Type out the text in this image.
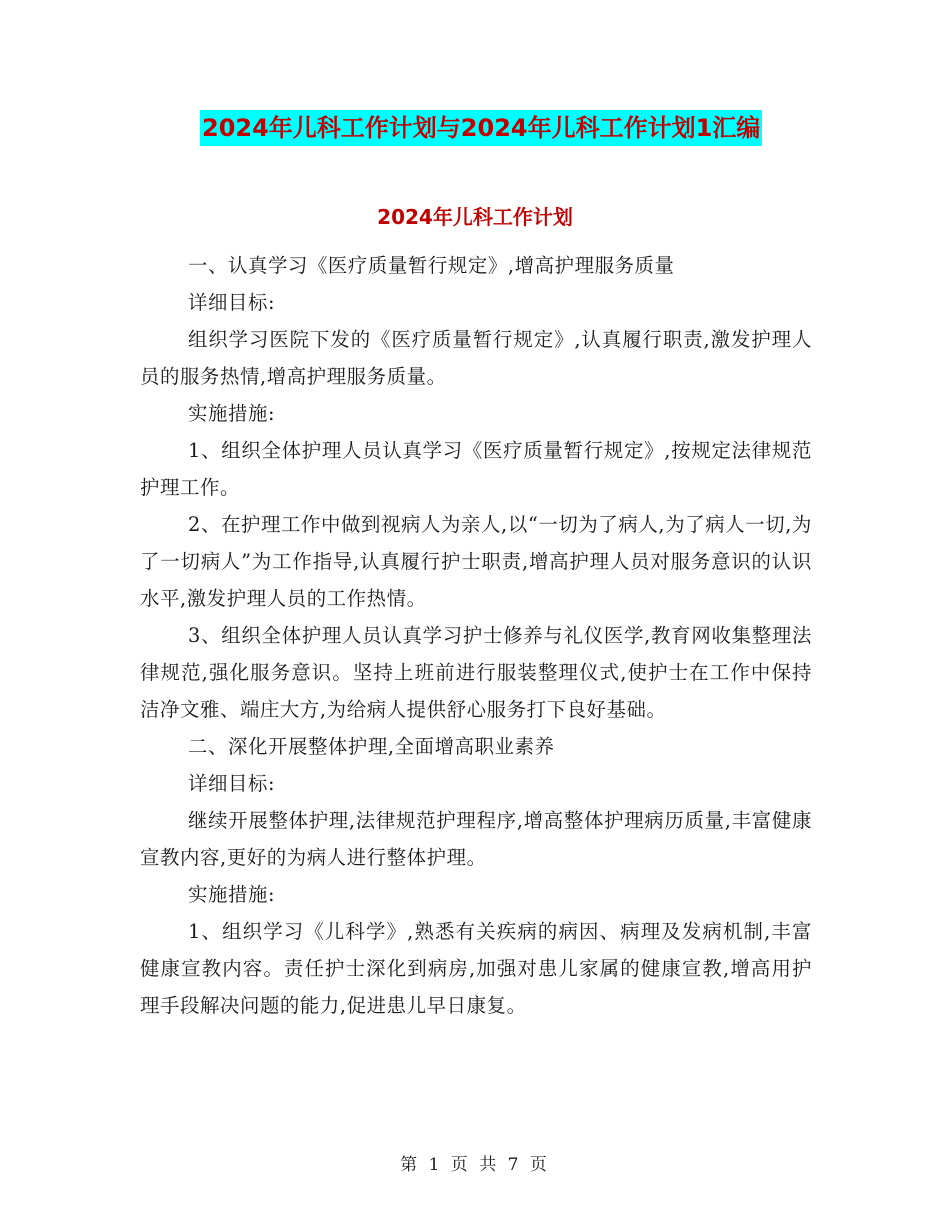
2024年儿科工作计划与2024年儿科工作计划1汇编
2024年儿科工作计划

一、认真学习《医疗质量暂行规定》,增高护理服务质量

详细目标:

组织学习医院下发的《医疗质量暂行规定》,认真履行职责,激发护理人员的服务热情,增高护理服务质量。

实施措施:

1、组织全体护理人员认真学习《医疗质量暂行规定》,按规定法律规范护理工作。

2、在护理工作中做到视病人为亲人,以“一切为了病人,为了病人一切,为了一切病人”为工作指导,认真履行护士职责,增高护理人员对服务意识的认识水平,激发护理人员的工作热情。

3、组织全体护理人员认真学习护士修养与礼仪医学,教育网收集整理法律规范,强化服务意识。坚持上班前进行服装整理仪式,使护士在工作中保持洁净文雅、端庄大方,为给病人提供舒心服务打下良好基础。

二、深化开展整体护理,全面增高职业素养

详细目标:

继续开展整体护理,法律规范护理程序,增高整体护理病历质量,丰富健康宣教内容,更好的为病人进行整体护理。

实施措施:

1、组织学习《儿科学》,熟悉有关疾病的病因、病理及发病机制,丰富健康宣教内容。责任护士深化到病房,加强对患儿家属的健康宣教,增高用护理手段解决问题的能力,促进患儿早日康复。

第 1 页 共 7 页
